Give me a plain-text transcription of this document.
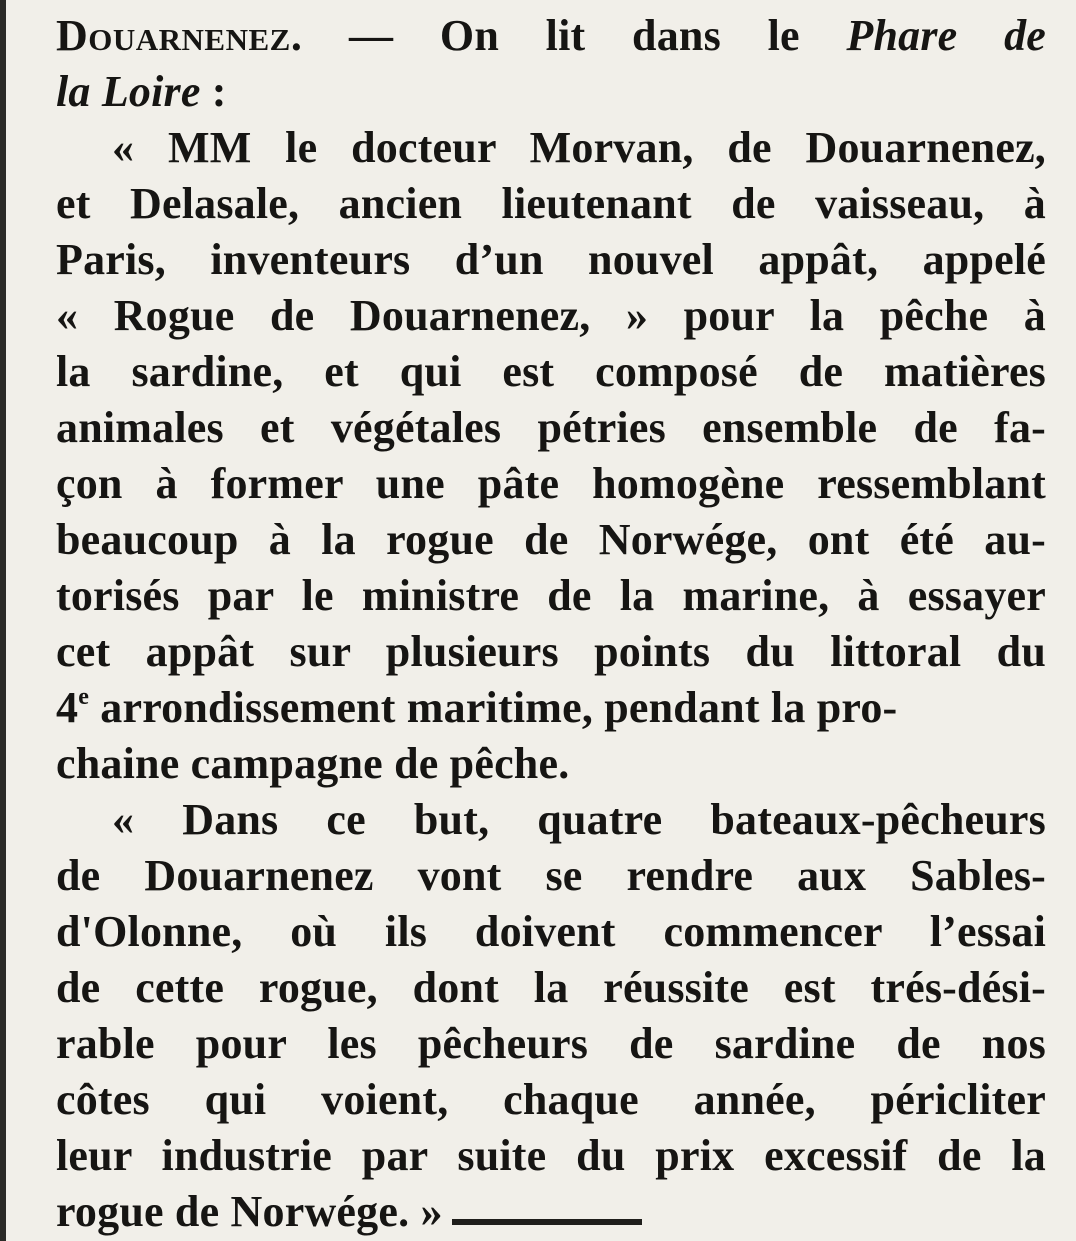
Douarnenez. — On lit dans le Phare de
la Loire :
« MM le docteur Morvan, de Douarnenez,
et Delasale, ancien lieutenant de vaisseau, à
Paris, inventeurs d’un nouvel appât, appelé
« Rogue de Douarnenez, » pour la pêche à
la sardine, et qui est composé de matières
animales et végétales pétries ensemble de fa-
çon à former une pâte homogène ressemblant
beaucoup à la rogue de Norwége, ont été au-
torisés par le ministre de la marine, à essayer
cet appât sur plusieurs points du littoral du
4e arrondissement maritime, pendant la pro-
chaine campagne de pêche.
« Dans ce but, quatre bateaux-pêcheurs
de Douarnenez vont se rendre aux Sables-
d'Olonne, où ils doivent commencer l’essai
de cette rogue, dont la réussite est trés-dési-
rable pour les pêcheurs de sardine de nos
côtes qui voient, chaque année, péricliter
leur industrie par suite du prix excessif de la
rogue de Norwége. »
